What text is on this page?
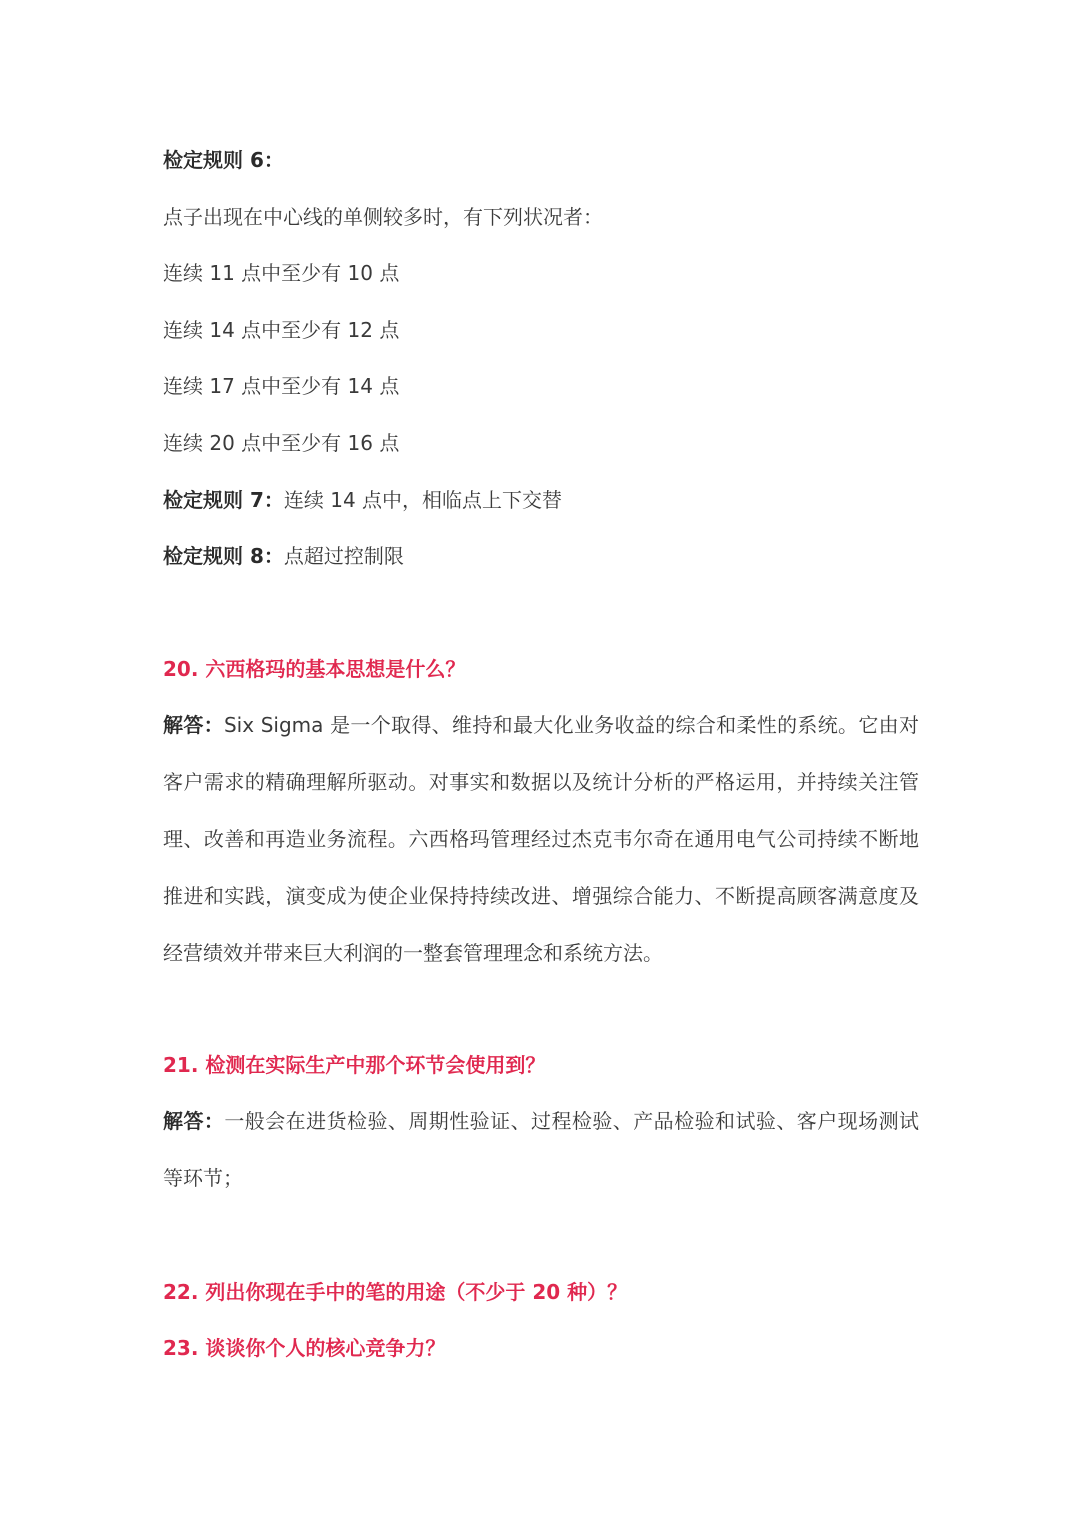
检定规则 6：
点子出现在中心线的单侧较多时，有下列状况者：
连续 11 点中至少有 10 点
连续 14 点中至少有 12 点
连续 17 点中至少有 14 点
连续 20 点中至少有 16 点
检定规则 7：连续 14 点中，相临点上下交替
检定规则 8：点超过控制限
20. 六西格玛的基本思想是什么？
解答：Six Sigma 是一个取得、维持和最大化业务收益的综合和柔性的系统。它由对客户需求的精确理解所驱动。对事实和数据以及统计分析的严格运用，并持续关注管理、改善和再造业务流程。六西格玛管理经过杰克韦尔奇在通用电气公司持续不断地推进和实践，演变成为使企业保持持续改进、增强综合能力、不断提高顾客满意度及经营绩效并带来巨大利润的一整套管理理念和系统方法。
21. 检测在实际生产中那个环节会使用到？
解答：一般会在进货检验、周期性验证、过程检验、产品检验和试验、客户现场测试等环节；
22. 列出你现在手中的笔的用途（不少于 20 种）？
23. 谈谈你个人的核心竞争力？
